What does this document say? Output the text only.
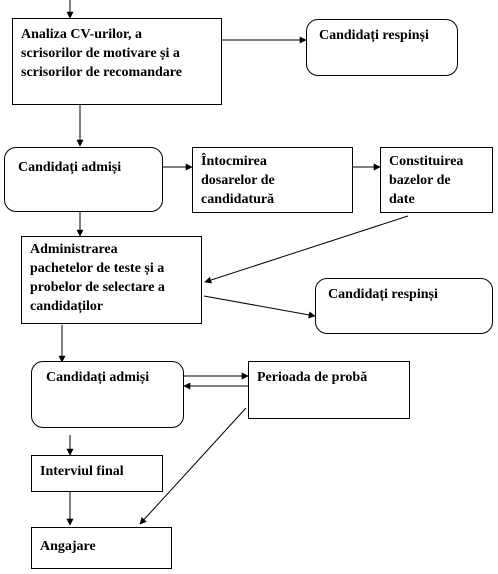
Analiza CV-urilor, a
scrisorilor de motivare și a
scrisorilor de recomandare
Candidați respinși
Candidați admiși	Întocmirea
dosarelor de
candidatură
Constituirea
bazelor de
date
Administrarea
pachetelor de teste și a
probelor de selectare a
candidaților
Candidați respinși
Candidați admiși	Perioada de probă
Interviul final
Angajare
